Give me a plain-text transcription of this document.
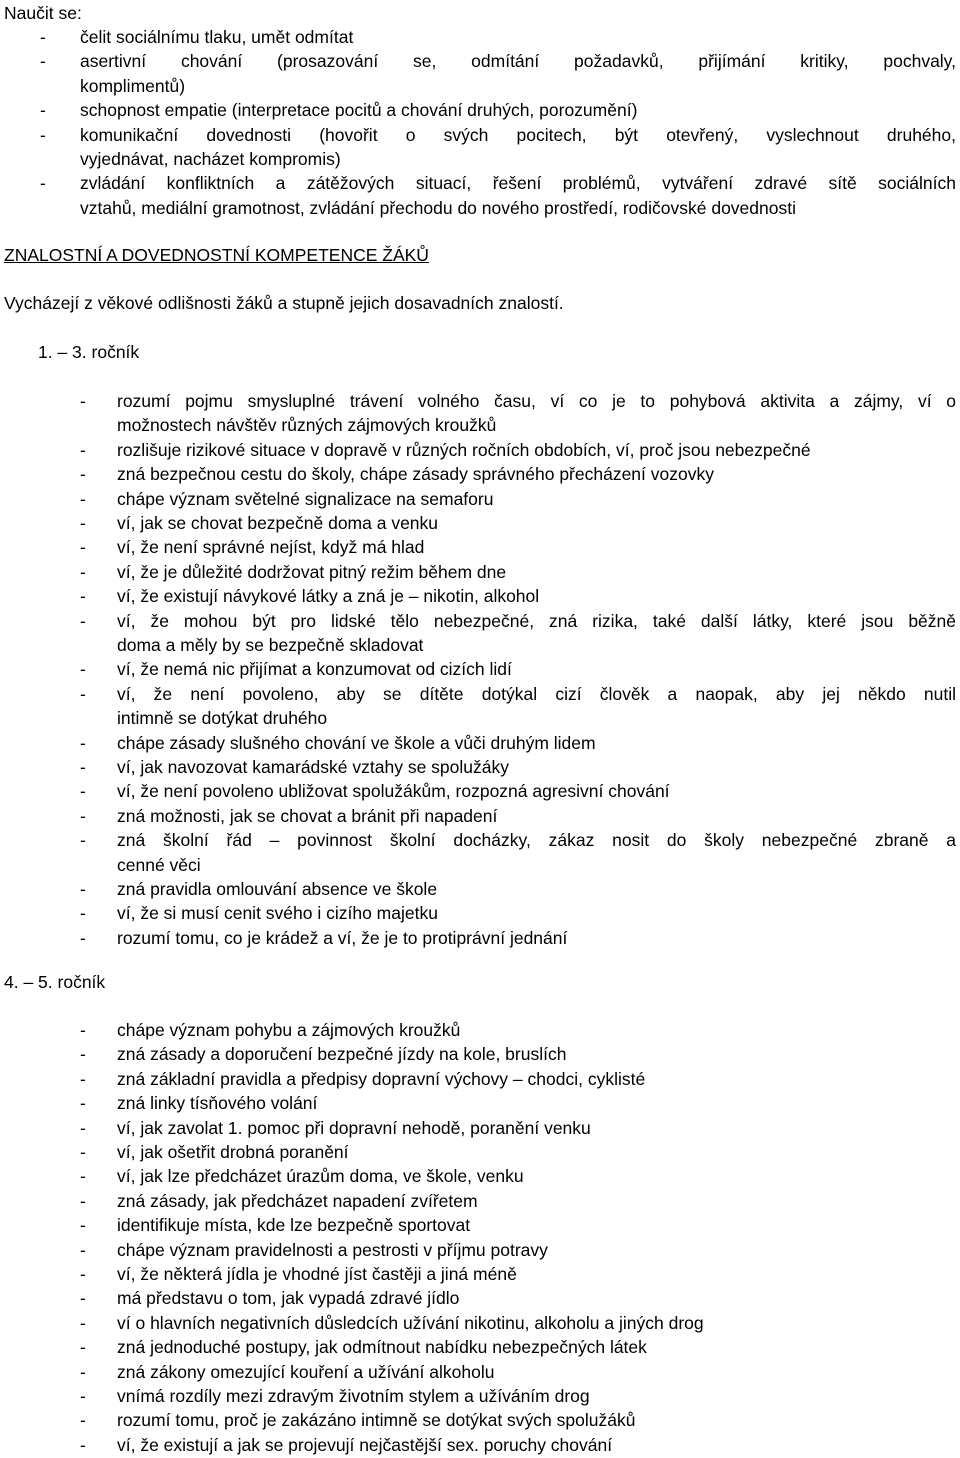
Naučit se:
- čelit sociálnímu tlaku, umět odmítat
- asertivní chování (prosazování se, odmítání požadavků, přijímání kritiky, pochvaly,
komplimentů)
- schopnost empatie (interpretace pocitů a chování druhých, porozumění)
- komunikační dovednosti (hovořit o svých pocitech, být otevřený, vyslechnout druhého,
vyjednávat, nacházet kompromis)
- zvládání konfliktních a zátěžových situací, řešení problémů, vytváření zdravé sítě sociálních
vztahů, mediální gramotnost, zvládání přechodu do nového prostředí, rodičovské dovednosti
ZNALOSTNÍ A DOVEDNOSTNÍ KOMPETENCE ŽÁKŮ
Vycházejí z věkové odlišnosti žáků a stupně jejich dosavadních znalostí.
1. – 3. ročník
- rozumí pojmu smysluplné trávení volného času, ví co je to pohybová aktivita a zájmy, ví o
možnostech návštěv různých zájmových kroužků
- rozlišuje rizikové situace v dopravě v různých ročních obdobích, ví, proč jsou nebezpečné
- zná bezpečnou cestu do školy, chápe zásady správného přecházení vozovky
- chápe význam světelné signalizace na semaforu
- ví, jak se chovat bezpečně doma a venku
- ví, že není správné nejíst, když má hlad
- ví, že je důležité dodržovat pitný režim během dne
- ví, že existují návykové látky a zná je – nikotin, alkohol
- ví, že mohou být pro lidské tělo nebezpečné, zná rizika, také další látky, které jsou běžně
doma a měly by se bezpečně skladovat
- ví, že nemá nic přijímat a konzumovat od cizích lidí
- ví, že není povoleno, aby se dítěte dotýkal cizí člověk a naopak, aby jej někdo nutil
intimně se dotýkat druhého
- chápe zásady slušného chování ve škole a vůči druhým lidem
- ví, jak navozovat kamarádské vztahy se spolužáky
- ví, že není povoleno ubližovat spolužákům, rozpozná agresivní chování
- zná možnosti, jak se chovat a bránit při napadení
- zná školní řád – povinnost školní docházky, zákaz nosit do školy nebezpečné zbraně a
cenné věci
- zná pravidla omlouvání absence ve škole
- ví, že si musí cenit svého i cizího majetku
- rozumí tomu, co je krádež a ví, že je to protiprávní jednání
4. – 5. ročník
- chápe význam pohybu a zájmových kroužků
- zná zásady a doporučení bezpečné jízdy na kole, bruslích
- zná základní pravidla a předpisy dopravní výchovy – chodci, cyklisté
- zná linky tísňového volání
- ví, jak zavolat 1. pomoc při dopravní nehodě, poranění venku
- ví, jak ošetřit drobná poranění
- ví, jak lze předcházet úrazům doma, ve škole, venku
- zná zásady, jak předcházet napadení zvířetem
- identifikuje místa, kde lze bezpečně sportovat
- chápe význam pravidelnosti a pestrosti v příjmu potravy
- ví, že některá jídla je vhodné jíst častěji a jiná méně
- má představu o tom, jak vypadá zdravé jídlo
- ví o hlavních negativních důsledcích užívání nikotinu, alkoholu a jiných drog
- zná jednoduché postupy, jak odmítnout nabídku nebezpečných látek
- zná zákony omezující kouření a užívání alkoholu
- vnímá rozdíly mezi zdravým životním stylem a užíváním drog
- rozumí tomu, proč je zakázáno intimně se dotýkat svých spolužáků
- ví, že existují a jak se projevují nejčastější sex. poruchy chování
